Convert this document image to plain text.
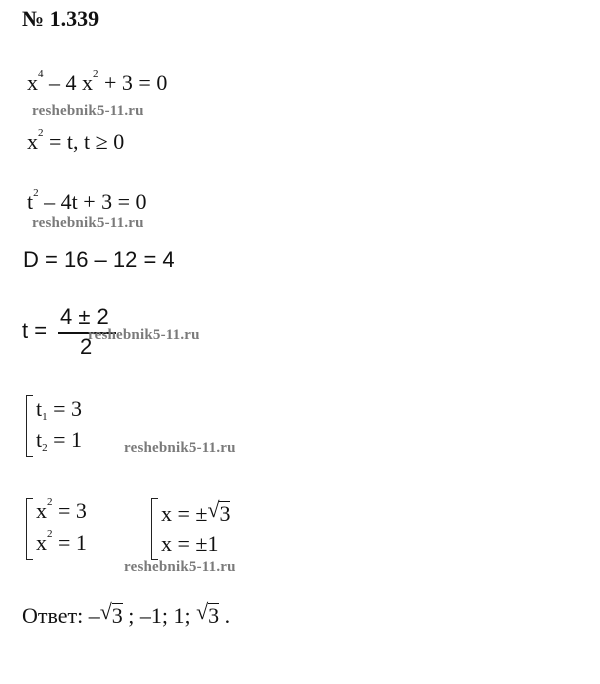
№ 1.339
$x^4 - 4$ $x^2 + 3 = 0$
reshebnik5-11.ru
$x^2 = t$, t ≥ 0
$t^2 - 4t + 3 = 0$
reshebnik5-11.ru
D = 16 – 12 = 4
t =
4 ± 2
2
reshebnik5-11.ru
$t_1 = 3$
$t_2 = 1$	reshebnik5-11.ru
$x^2 = 3$
$x^2 = 1$
x = ± √ 3
x = ±1
reshebnik5-11.ru
Ответ: – √ 3 ; –1; 1; √ 3 .
